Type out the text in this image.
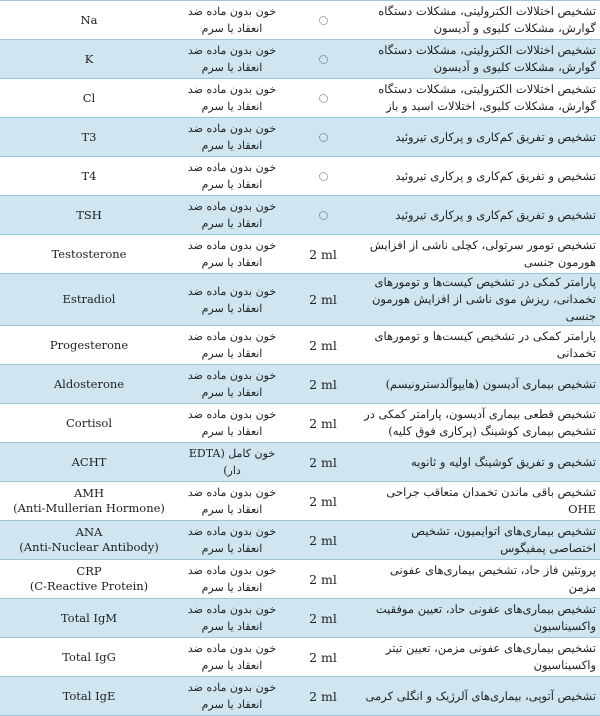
Na	خون بدون ماده ضد انعقاد یا سرم		تشخیص اختلالات الکترولیتی، مشکلات دستگاه گوارش، مشکلات کلیوی و آدیسون

K	خون بدون ماده ضد انعقاد یا سرم		تشخیص اختلالات الکترولیتی، مشکلات دستگاه گوارش، مشکلات کلیوی و آدیسون

Cl	خون بدون ماده ضد انعقاد یا سرم		تشخیص اختلالات الکترولیتی، مشکلات دستگاه گوارش، مشکلات کلیوی، اختلالات اسید و باز

T3	خون بدون ماده ضد انعقاد یا سرم		تشخیص و تفریق کم‌کاری و پرکاری تیروئید

T4	خون بدون ماده ضد انعقاد یا سرم		تشخیص و تفریق کم‌کاری و پرکاری تیروئید

TSH	خون بدون ماده ضد انعقاد یا سرم		تشخیص و تفریق کم‌کاری و پرکاری تیروئید

Testosterone	خون بدون ماده ضد انعقاد یا سرم	2 ml	تشخیص تومور سرتولی، کچلی ناشی از افزایش هورمون جنسی

Estradiol	خون بدون ماده ضد انعقاد یا سرم	2 ml	پارامتر کمکی در تشخیص کیست‌ها و تومورهای تخمدانی، ریزش موی ناشی از افزایش هورمون جنسی

Progesterone	خون بدون ماده ضد انعقاد یا سرم	2 ml	پارامتر کمکی در تشخیص کیست‌ها و تومورهای تخمدانی

Aldosterone	خون بدون ماده ضد انعقاد یا سرم	2 ml	تشخیص بیماری آدیسون (هایپوآلدسترونیسم)

Cortisol	خون بدون ماده ضد انعقاد یا سرم	2 ml	تشخیص قطعی بیماری آدیسون، پارامتر کمکی در تشخیص بیماری کوشینگ (پرکاری فوق کلیه)

ACHT	خون کامل (EDTA دار)	2 ml	تشخیص و تفریق کوشینگ اولیه و ثانویه

AMH
(Anti-Mullerian Hormone)	خون بدون ماده ضد انعقاد یا سرم	2 ml	تشخیص باقی ماندن تخمدان متعاقب جراحی OHE

ANA
(Anti-Nuclear Antibody)	خون بدون ماده ضد انعقاد یا سرم	2 ml	تشخیص بیماری‌های اتوایمیون، تشخیص اختصاصی پمفیگوس

CRP
(C-Reactive Protein)	خون بدون ماده ضد انعقاد یا سرم	2 ml	پروتئین فاز حاد، تشخیص بیماری‌های عفونی مزمن

Total IgM	خون بدون ماده ضد انعقاد یا سرم	2 ml	تشخیص بیماری‌های عفونی حاد، تعیین موفقیت واکسیناسیون

Total IgG	خون بدون ماده ضد انعقاد یا سرم	2 ml	تشخیص بیماری‌های عفونی مزمن، تعیین تیتر واکسیناسیون

Total IgE	خون بدون ماده ضد انعقاد یا سرم	2 ml	تشخیص آتوپی، بیماری‌های آلرژیک و انگلی کرمی
